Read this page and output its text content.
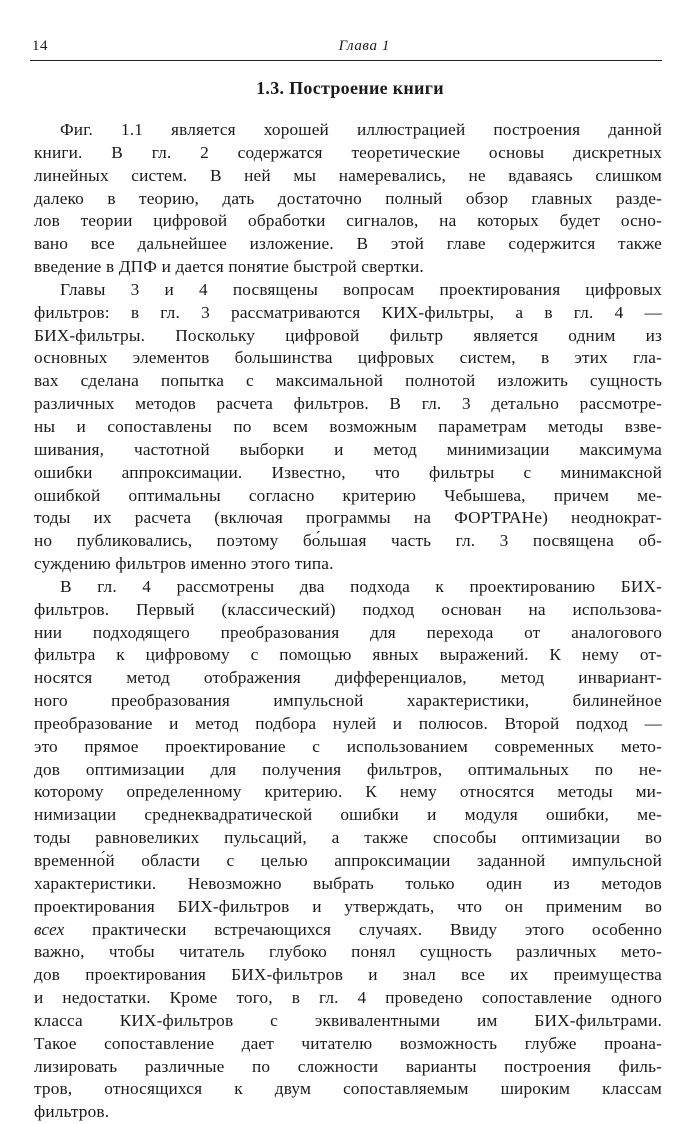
14	Глава 1
1.3. Построение книги
Фиг. 1.1 является хорошей иллюстрацией построения данной
книги. В гл. 2 содержатся теоретические основы дискретных
линейных систем. В ней мы намеревались, не вдаваясь слишком
далеко в теорию, дать достаточно полный обзор главных разде-
лов теории цифровой обработки сигналов, на которых будет осно-
вано все дальнейшее изложение. В этой главе содержится также
введение в ДПФ и дается понятие быстрой свертки.
Главы 3 и 4 посвящены вопросам проектирования цифровых
фильтров: в гл. 3 рассматриваются КИХ-фильтры, а в гл. 4 —
БИХ-фильтры. Поскольку цифровой фильтр является одним из
основных элементов большинства цифровых систем, в этих гла-
вах сделана попытка с максимальной полнотой изложить сущность
различных методов расчета фильтров. В гл. 3 детально рассмотре-
ны и сопоставлены по всем возможным параметрам методы взве-
шивания, частотной выборки и метод минимизации максимума
ошибки аппроксимации. Известно, что фильтры с минимаксной
ошибкой оптимальны согласно критерию Чебышева, причем ме-
тоды их расчета (включая программы на ФОРТРАНе) неоднократ-
но публиковались, поэтому бо́льшая часть гл. 3 посвящена об-
суждению фильтров именно этого типа.
В гл. 4 рассмотрены два подхода к проектированию БИХ-
фильтров. Первый (классический) подход основан на использова-
нии подходящего преобразования для перехода от аналогового
фильтра к цифровому с помощью явных выражений. К нему от-
носятся метод отображения дифференциалов, метод инвариант-
ного преобразования импульсной характеристики, билинейное
преобразование и метод подбора нулей и полюсов. Второй подход —
это прямое проектирование с использованием современных мето-
дов оптимизации для получения фильтров, оптимальных по не-
которому определенному критерию. К нему относятся методы ми-
нимизации среднеквадратической ошибки и модуля ошибки, ме-
тоды равновеликих пульсаций, а также способы оптимизации во
временно́й области с целью аппроксимации заданной импульсной
характеристики. Невозможно выбрать только один из методов
проектирования БИХ-фильтров и утверждать, что он применим во
всех практически встречающихся случаях. Ввиду этого особенно
важно, чтобы читатель глубоко понял сущность различных мето-
дов проектирования БИХ-фильтров и знал все их преимущества
и недостатки. Кроме того, в гл. 4 проведено сопоставление одного
класса КИХ-фильтров с эквивалентными им БИХ-фильтрами.
Такое сопоставление дает читателю возможность глубже проана-
лизировать различные по сложности варианты построения филь-
тров, относящихся к двум сопоставляемым широким классам
фильтров.
